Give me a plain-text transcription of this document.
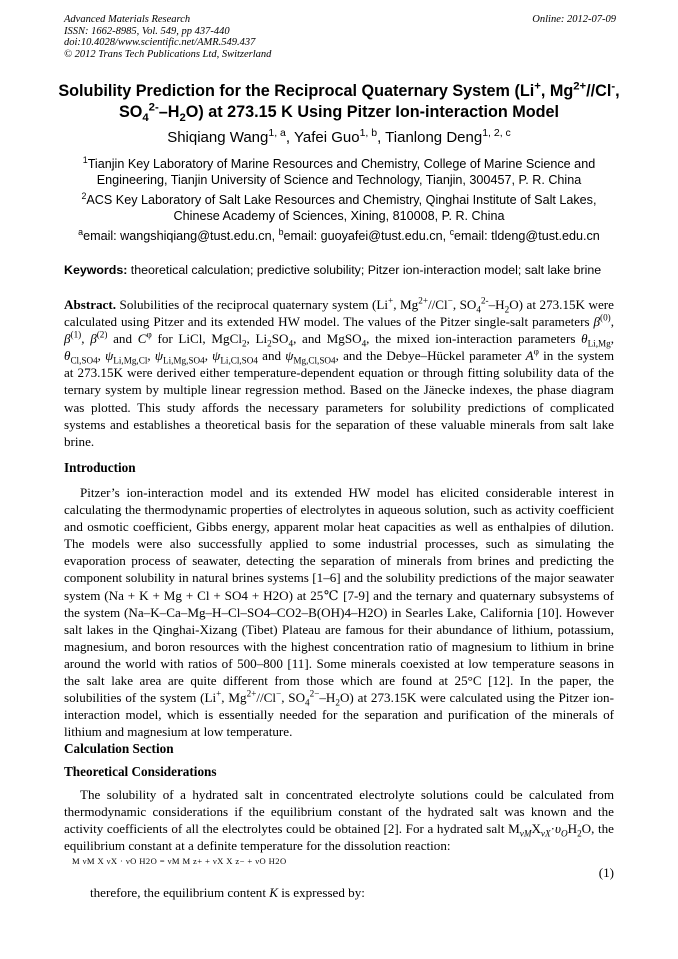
Advanced Materials Research
ISSN: 1662-8985, Vol. 549, pp 437-440
doi:10.4028/www.scientific.net/AMR.549.437
© 2012 Trans Tech Publications Ltd, Switzerland
Online: 2012-07-09
Solubility Prediction for the Reciprocal Quaternary System (Li+, $Mg^{2+}//Cl^-$,
$SO_4^{2-}-H_2O$) at 273.15 K Using Pitzer Ion-interaction Model
Shiqiang Wang$^{1, a}$, Yafei Guo$^{1, b}$, Tianlong Deng$^{1, 2, c}$
$^1$Tianjin Key Laboratory of Marine Resources and Chemistry, College of Marine Science and
Engineering, Tianjin University of Science and Technology, Tianjin, 300457, P. R. China
$^2$ACS Key Laboratory of Salt Lake Resources and Chemistry, Qinghai Institute of Salt Lakes,
Chinese Academy of Sciences, Xining, 810008, P. R. China
$^a$email: wangshiqiang@tust.edu.cn, $^b$email: guoyafei@tust.edu.cn, $^c$email: tldeng@tust.edu.cn
Keywords: theoretical calculation; predictive solubility; Pitzer ion-interaction model; salt lake brine
Abstract. Solubilities of the reciprocal quaternary system (Li+, $Mg^{2+}//Cl^-$, $SO_4^{2-}-H_2O$) at 273.15K were calculated using Pitzer and its extended HW model. The values of the Pitzer single-salt parameters $\beta^{(0)}$, $\beta^{(1)}$, $\beta^{(2)}$ and $C^\varphi$ for LiCl, MgCl$_2$, $Li_2SO_4$, and MgSO$_4$, the mixed ion-interaction parameters $\theta_{Li,Mg}$, $\theta_{Cl,SO4}$, $\psi_{Li,Mg,Cl}$, $\psi_{Li,Mg,SO4}$, $\psi_{Li,Cl,SO4}$ and $\psi_{Mg,Cl,SO4}$, and the Debye–Hückel parameter $A^\varphi$ in the system at 273.15K were derived either temperature-dependent equation or through fitting solubility data of the ternary system by multiple linear regression method. Based on the Jänecke indexes, the phase diagram was plotted. This study affords the necessary parameters for solubility predictions of complicated systems and establishes a theoretical basis for the separation of these valuable minerals from salt lake brine.
Introduction
Pitzer’s ion-interaction model and its extended HW model has elicited considerable interest in calculating the thermodynamic properties of electrolytes in aqueous solution, such as activity coefficient and osmotic coefficient, Gibbs energy, apparent molar heat capacities as well as enthalpies of dilution. The models were also successfully applied to some industrial processes, such as simulating the evaporation process of seawater, detecting the separation of minerals from brines and predicting the component solubility in natural brines systems [1–6] and the solubility predictions of the major seawater system (Na + K + Mg + Cl + SO4 + H2O) at 25℃ [7-9] and the ternary and quaternary subsystems of the system (Na–K–Ca–Mg–H–Cl–SO4–CO2–B(OH)4–H2O) in Searles Lake, California [10]. However salt lakes in the Qinghai-Xizang (Tibet) Plateau are famous for their abundance of lithium, potassium, magnesium, and boron resources with the highest concentration ratio of magnesium to lithium in brine around the world with ratios of 500–800 [11]. Some minerals coexisted at low temperature seasons in the salt lake area are quite different from those which are found at 25°C [12]. In the paper, the solubilities of the system (Li+, $Mg^{2+}//Cl^-$, $SO_4^{2-}-H_2O$) at 273.15K were calculated using the Pitzer ion-interaction model, which is essentially needed for the separation and purification of the minerals of lithium and magnesium at low temperature.
Calculation Section
Theoretical Considerations
The solubility of a hydrated salt in concentrated electrolyte solutions could be calculated from thermodynamic considerations if the equilibrium constant of the hydrated salt was known and the activity coefficients of all the electrolytes could be obtained [2]. For a hydrated salt $M_{\nu M}X_{\nu X}\cdot\upsilon_OH_2O$, the equilibrium constant at a definite temperature for the dissolution reaction:
M νM X νX · νO H2O = νM M z+ + νX X z− + νO H2O
(1)
therefore, the equilibrium content K is expressed by:
